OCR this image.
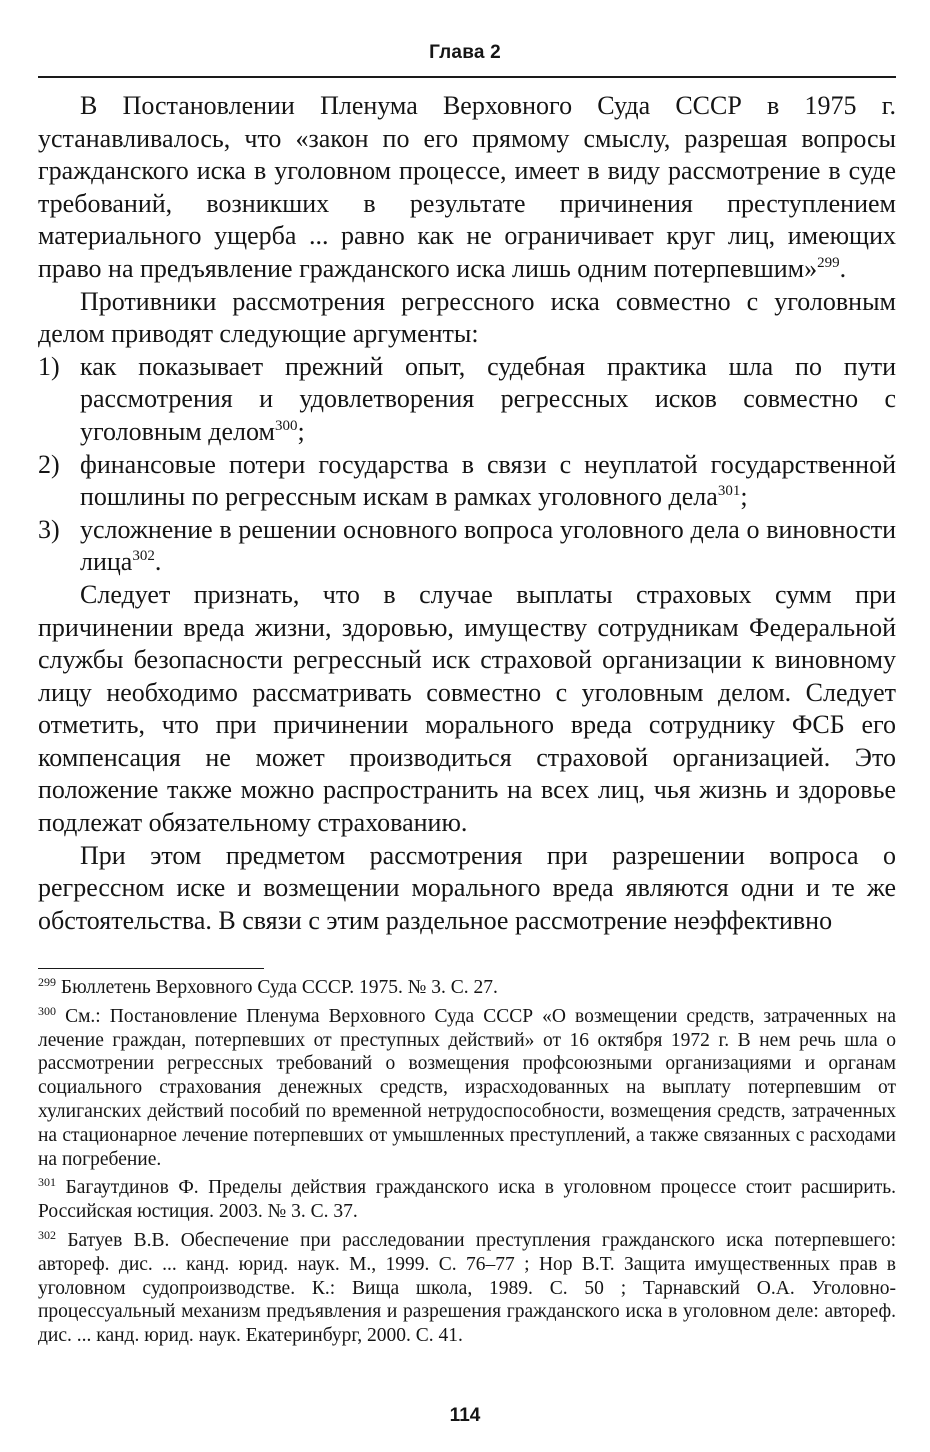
Глава 2

В Постановлении Пленума Верховного Суда СССР в 1975 г. устанавливалось, что «закон по его прямому смыслу, разрешая вопросы гражданского иска в уголовном процессе, имеет в виду рассмотрение в суде требований, возникших в результате причинения преступлением материального ущерба ... равно как не ограничивает круг лиц, имеющих право на предъявление гражданского иска лишь одним потерпевшим»$^{299}$.

Противники рассмотрения регрессного иска совместно с уголовным делом приводят следующие аргументы:

1) как показывает прежний опыт, судебная практика шла по пути рассмотрения и удовлетворения регрессных исков совместно с уголовным делом$^{300}$;
2) финансовые потери государства в связи с неуплатой государственной пошлины по регрессным искам в рамках уголовного дела$^{301}$;
3) усложнение в решении основного вопроса уголовного дела о виновности лица$^{302}$.

Следует признать, что в случае выплаты страховых сумм при причинении вреда жизни, здоровью, имуществу сотрудникам Федеральной службы безопасности регрессный иск страховой организации к виновному лицу необходимо рассматривать совместно с уголовным делом. Следует отметить, что при причинении морального вреда сотруднику ФСБ его компенсация не может производиться страховой организацией. Это положение также можно распространить на всех лиц, чья жизнь и здоровье подлежат обязательному страхованию.

При этом предметом рассмотрения при разрешении вопроса о регрессном иске и возмещении морального вреда являются одни и те же обстоятельства. В связи с этим раздельное рассмотрение неэффективно

$^{299}$ Бюллетень Верховного Суда СССР. 1975. № 3. С. 27.

$^{300}$ См.: Постановление Пленума Верховного Суда СССР «О возмещении средств, затраченных на лечение граждан, потерпевших от преступных действий» от 16 октября 1972 г. В нем речь шла о рассмотрении регрессных требований о возмещения профсоюзными организациями и органам социального страхования денежных средств, израсходованных на выплату потерпевшим от хулиганских действий пособий по временной нетрудоспособности, возмещения средств, затраченных на стационарное лечение потерпевших от умышленных преступлений, а также связанных с расходами на погребение.

$^{301}$ Багаутдинов Ф. Пределы действия гражданского иска в уголовном процессе стоит расширить. Российская юстиция. 2003. № 3. С. 37.

$^{302}$ Батуев В.В. Обеспечение при расследовании преступления гражданского иска потерпевшего: автореф. дис. ... канд. юрид. наук. М., 1999. С. 76–77 ; Нор В.Т. Защита имущественных прав в уголовном судопроизводстве. К.: Вища школа, 1989. С. 50 ; Тарнавский О.А. Уголовно-процессуальный механизм предъявления и разрешения гражданского иска в уголовном деле: автореф. дис. ... канд. юрид. наук. Екатеринбург, 2000. С. 41.

114
